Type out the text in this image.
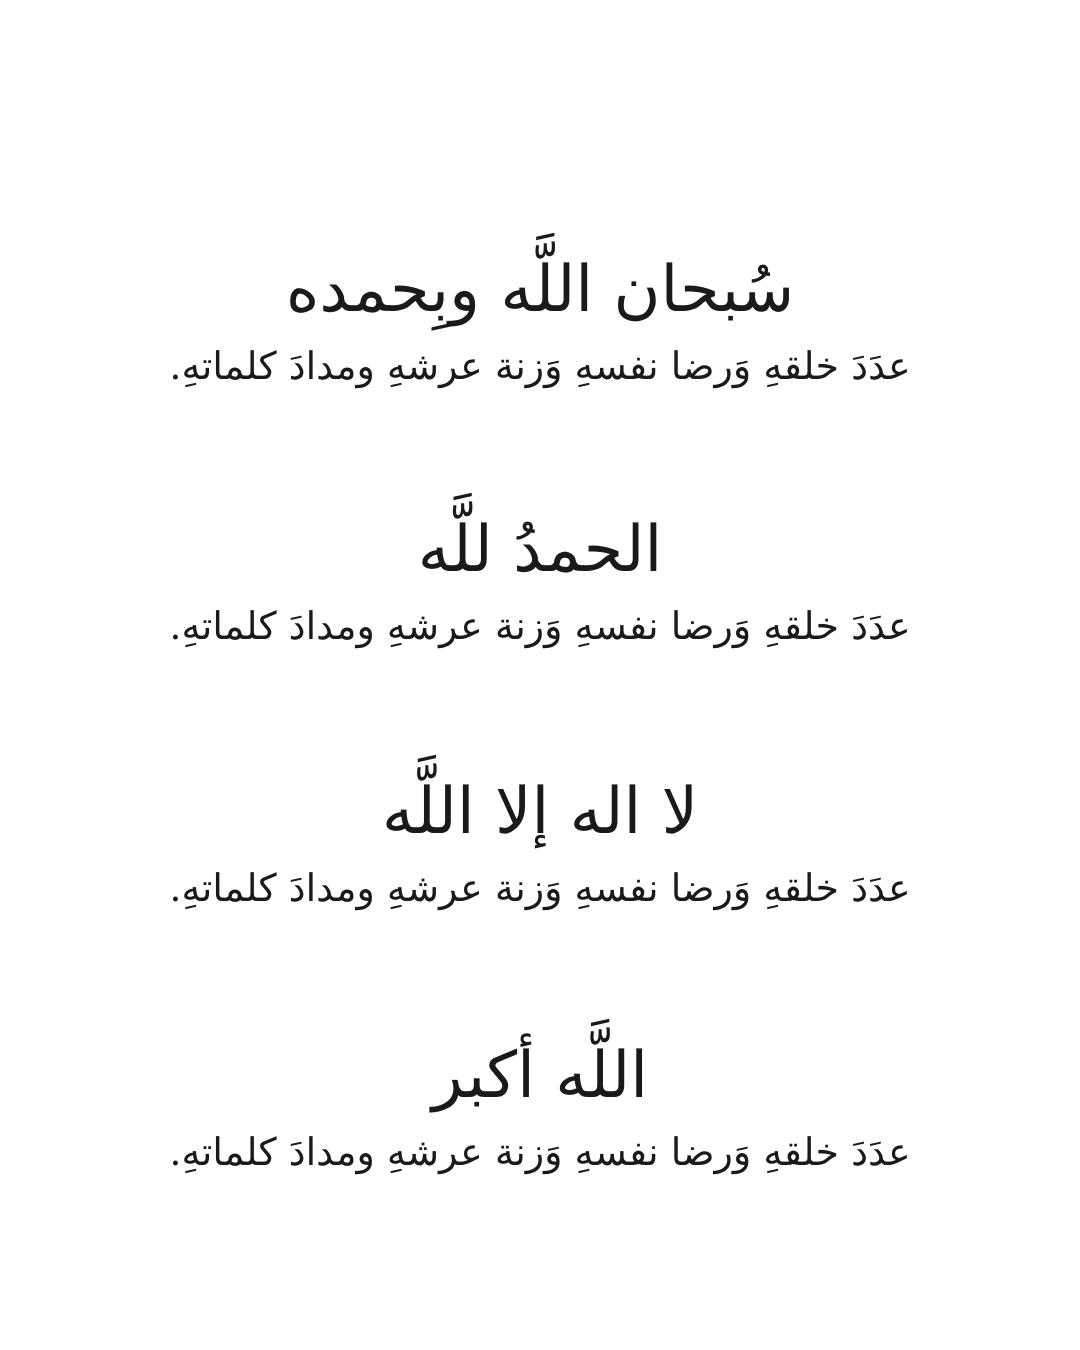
سُبحان اللَّه وبِحمده
عدَدَ خلقهِ وَرضا نفسهِ وَزنة عرشهِ ومدادَ كلماتهِ.
الحمدُ للَّه
عدَدَ خلقهِ وَرضا نفسهِ وَزنة عرشهِ ومدادَ كلماتهِ.
لا اله إلا اللَّه
عدَدَ خلقهِ وَرضا نفسهِ وَزنة عرشهِ ومدادَ كلماتهِ.
اللَّه أكبر
عدَدَ خلقهِ وَرضا نفسهِ وَزنة عرشهِ ومدادَ كلماتهِ.
